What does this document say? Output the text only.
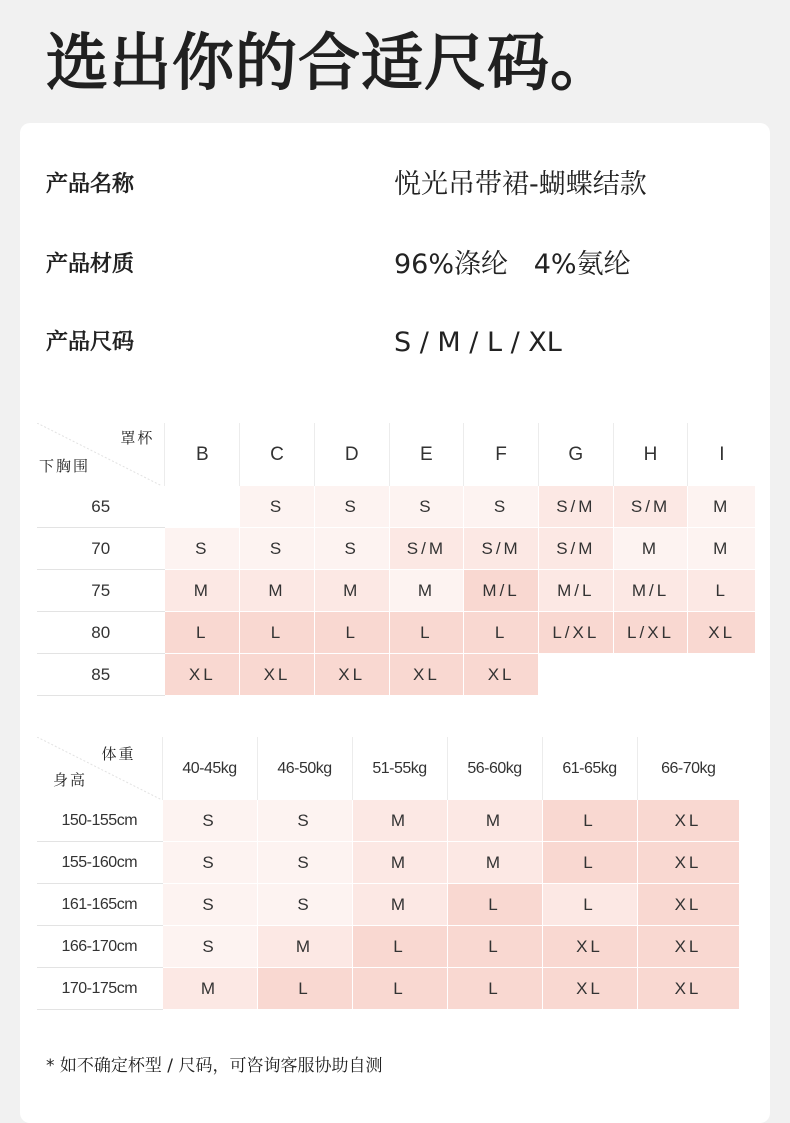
选出你的合适尺码。
产品名称	悦光吊带裙-蝴蝶结款
产品材质	96%涤纶   4%氨纶
产品尺码	S / M / L / XL
罩杯
下胸围	B	C	D	E	F	G	H	I
65		S	S	S	S	S/M	S/M	M
70	S	S	S	S/M	S/M	S/M	M	M
75	M	M	M	M	M/L	M/L	M/L	L
80	L	L	L	L	L	L/XL	L/XL	XL
85	XL	XL	XL	XL	XL			
体重
身高	40-45kg	46-50kg	51-55kg	56-60kg	61-65kg	66-70kg
150-155cm	S	S	M	M	L	XL
155-160cm	S	S	M	M	L	XL
161-165cm	S	S	M	L	L	XL
166-170cm	S	M	L	L	XL	XL
170-175cm	M	L	L	L	XL	XL
* 如不确定杯型 / 尺码，可咨询客服协助自测
